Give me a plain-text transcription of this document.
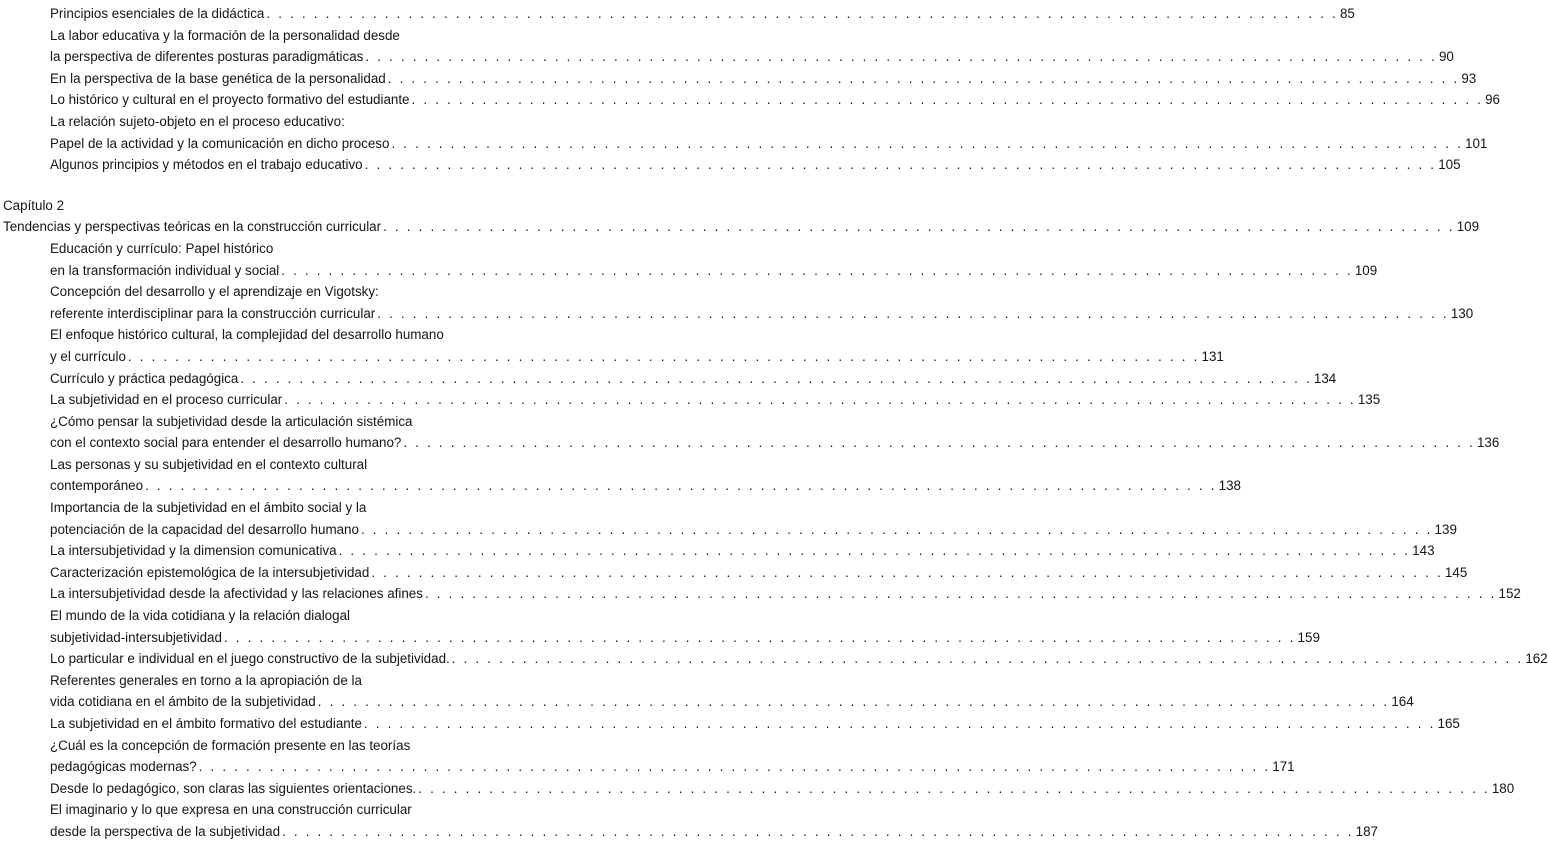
Principios esenciales de la didáctica . . . . . . . . . . . . . . . . . . . . . . . . . . . . . . . . . . . . . . . . . . . . . . . . . . . . . . . . . . . . . . . . . . . . . . . . . . . . . . . . . . . . . . . . . . . 85
La labor educativa y la formación de la personalidad desde
la perspectiva de diferentes posturas paradigmáticas . . . . . . . . . . . . . . . . . . . . . . . . . . . . . . . . . . . . . . . . . . . . . . . . . . . . . . . . . . . . . . . . . . . . . . . . . . . . . . . . . . . . . . . . . . . 90
En la perspectiva de la base genética de la personalidad . . . . . . . . . . . . . . . . . . . . . . . . . . . . . . . . . . . . . . . . . . . . . . . . . . . . . . . . . . . . . . . . . . . . . . . . . . . . . . . . . . . . . . . . . . . 93
Lo histórico y cultural en el proyecto formativo del estudiante . . . . . . . . . . . . . . . . . . . . . . . . . . . . . . . . . . . . . . . . . . . . . . . . . . . . . . . . . . . . . . . . . . . . . . . . . . . . . . . . . . . . . . . . . . . 96
La relación sujeto-objeto en el proceso educativo:
Papel de la actividad y la comunicación en dicho proceso . . . . . . . . . . . . . . . . . . . . . . . . . . . . . . . . . . . . . . . . . . . . . . . . . . . . . . . . . . . . . . . . . . . . . . . . . . . . . . . . . . . . . . . . . . . 101
Algunos principios y métodos en el trabajo educativo . . . . . . . . . . . . . . . . . . . . . . . . . . . . . . . . . . . . . . . . . . . . . . . . . . . . . . . . . . . . . . . . . . . . . . . . . . . . . . . . . . . . . . . . . . . 105
Capítulo 2
Tendencias y perspectivas teóricas en la construcción curricular . . . . . . . . . . . . . . . . . . . . . . . . . . . . . . . . . . . . . . . . . . . . . . . . . . . . . . . . . . . . . . . . . . . . . . . . . . . . . . . . . . . . . . . . . . . 109
Educación y currículo: Papel histórico
en la transformación individual y social . . . . . . . . . . . . . . . . . . . . . . . . . . . . . . . . . . . . . . . . . . . . . . . . . . . . . . . . . . . . . . . . . . . . . . . . . . . . . . . . . . . . . . . . . . . 109
Concepción del desarrollo y el aprendizaje en Vigotsky:
referente interdisciplinar para la construcción curricular . . . . . . . . . . . . . . . . . . . . . . . . . . . . . . . . . . . . . . . . . . . . . . . . . . . . . . . . . . . . . . . . . . . . . . . . . . . . . . . . . . . . . . . . . . . 130
El enfoque histórico cultural, la complejidad del desarrollo humano
y el currículo . . . . . . . . . . . . . . . . . . . . . . . . . . . . . . . . . . . . . . . . . . . . . . . . . . . . . . . . . . . . . . . . . . . . . . . . . . . . . . . . . . . . . . . . . . . 131
Currículo y práctica pedagógica . . . . . . . . . . . . . . . . . . . . . . . . . . . . . . . . . . . . . . . . . . . . . . . . . . . . . . . . . . . . . . . . . . . . . . . . . . . . . . . . . . . . . . . . . . . 134
La subjetividad en el proceso curricular . . . . . . . . . . . . . . . . . . . . . . . . . . . . . . . . . . . . . . . . . . . . . . . . . . . . . . . . . . . . . . . . . . . . . . . . . . . . . . . . . . . . . . . . . . . 135
¿Cómo pensar la subjetividad desde la articulación sistémica
con el contexto social para entender el desarrollo humano? . . . . . . . . . . . . . . . . . . . . . . . . . . . . . . . . . . . . . . . . . . . . . . . . . . . . . . . . . . . . . . . . . . . . . . . . . . . . . . . . . . . . . . . . . . . 136
Las personas y su subjetividad en el contexto cultural
contemporáneo . . . . . . . . . . . . . . . . . . . . . . . . . . . . . . . . . . . . . . . . . . . . . . . . . . . . . . . . . . . . . . . . . . . . . . . . . . . . . . . . . . . . . . . . . . . 138
Importancia de la subjetividad en el ámbito social y la
potenciación de la capacidad del desarrollo humano . . . . . . . . . . . . . . . . . . . . . . . . . . . . . . . . . . . . . . . . . . . . . . . . . . . . . . . . . . . . . . . . . . . . . . . . . . . . . . . . . . . . . . . . . . . 139
La intersubjetividad y la dimension comunicativa . . . . . . . . . . . . . . . . . . . . . . . . . . . . . . . . . . . . . . . . . . . . . . . . . . . . . . . . . . . . . . . . . . . . . . . . . . . . . . . . . . . . . . . . . . . 143
Caracterización epistemológica de la intersubjetividad . . . . . . . . . . . . . . . . . . . . . . . . . . . . . . . . . . . . . . . . . . . . . . . . . . . . . . . . . . . . . . . . . . . . . . . . . . . . . . . . . . . . . . . . . . . 145
La intersubjetividad desde la afectividad y las relaciones afines . . . . . . . . . . . . . . . . . . . . . . . . . . . . . . . . . . . . . . . . . . . . . . . . . . . . . . . . . . . . . . . . . . . . . . . . . . . . . . . . . . . . . . . . . . . 152
El mundo de la vida cotidiana y la relación dialogal
subjetividad-intersubjetividad . . . . . . . . . . . . . . . . . . . . . . . . . . . . . . . . . . . . . . . . . . . . . . . . . . . . . . . . . . . . . . . . . . . . . . . . . . . . . . . . . . . . . . . . . . . 159
Lo particular e individual en el juego constructivo de la subjetividad. . . . . . . . . . . . . . . . . . . . . . . . . . . . . . . . . . . . . . . . . . . . . . . . . . . . . . . . . . . . . . . . . . . . . . . . . . . . . . . . . . . . . . . . . . . . 162
Referentes generales en torno a la apropiación de la
vida cotidiana en el ámbito de la subjetividad . . . . . . . . . . . . . . . . . . . . . . . . . . . . . . . . . . . . . . . . . . . . . . . . . . . . . . . . . . . . . . . . . . . . . . . . . . . . . . . . . . . . . . . . . . . 164
La subjetividad en el ámbito formativo del estudiante . . . . . . . . . . . . . . . . . . . . . . . . . . . . . . . . . . . . . . . . . . . . . . . . . . . . . . . . . . . . . . . . . . . . . . . . . . . . . . . . . . . . . . . . . . . 165
¿Cuál es la concepción de formación presente en las teorías
pedagógicas modernas? . . . . . . . . . . . . . . . . . . . . . . . . . . . . . . . . . . . . . . . . . . . . . . . . . . . . . . . . . . . . . . . . . . . . . . . . . . . . . . . . . . . . . . . . . . . 171
Desde lo pedagógico, son claras las siguientes orientaciones. . . . . . . . . . . . . . . . . . . . . . . . . . . . . . . . . . . . . . . . . . . . . . . . . . . . . . . . . . . . . . . . . . . . . . . . . . . . . . . . . . . . . . . . . . . . 180
El imaginario y lo que expresa en una construcción curricular
desde la perspectiva de la subjetividad . . . . . . . . . . . . . . . . . . . . . . . . . . . . . . . . . . . . . . . . . . . . . . . . . . . . . . . . . . . . . . . . . . . . . . . . . . . . . . . . . . . . . . . . . . . 187
